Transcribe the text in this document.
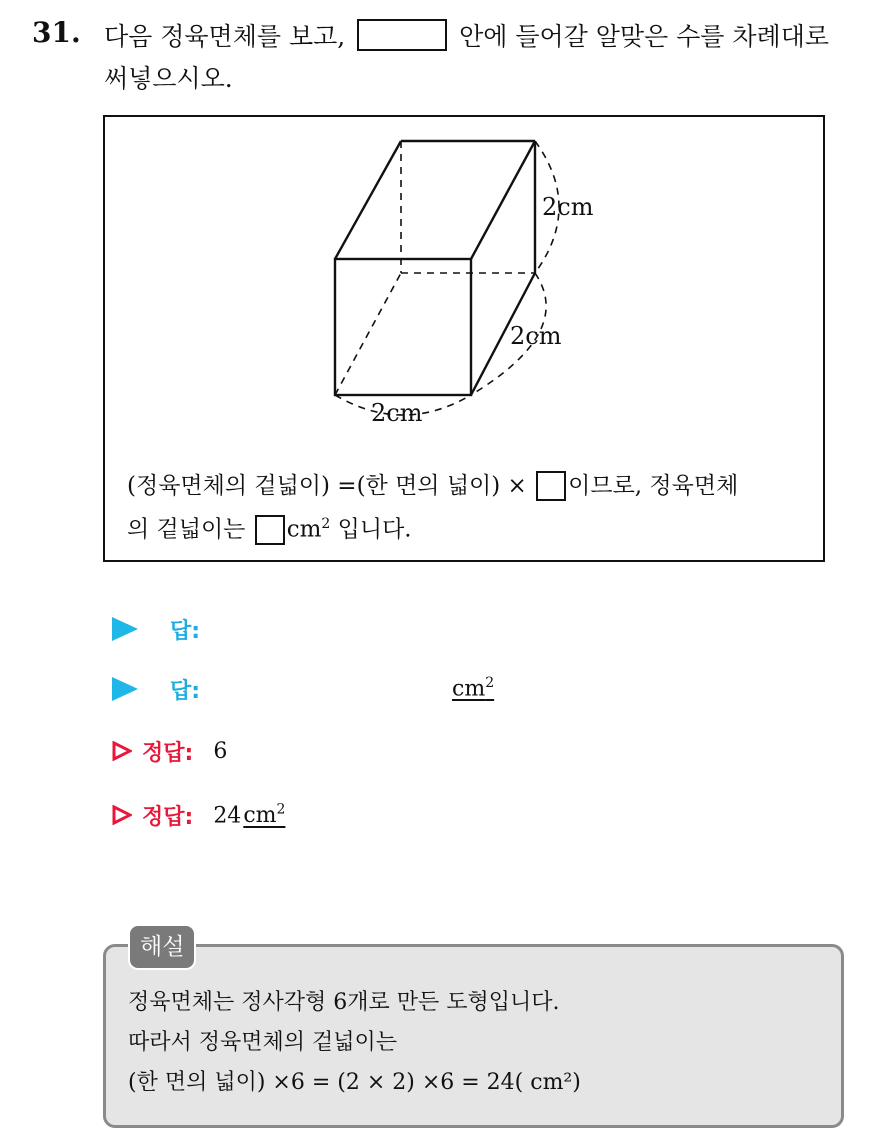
31. 다음 정육면체를 보고,	안에 들어갈 알맞은 수를 차례대로
써넣으시오.
2cm
2cm
2cm
(정육면체의 겉넓이) =(한 면의 넓이) × 이므로, 정육면체
의 겉넓이는 $cm^2$ 입니다.
답:
답:	$cm^2$
정답: 6
정답: $24cm^2$
정육면체는 정사각형 6개로 만든 도형입니다.
따라서 정육면체의 겉넓이는
(한 면의 넓이) ×6 = (2 × 2) ×6 = 24( cm²)
해설
